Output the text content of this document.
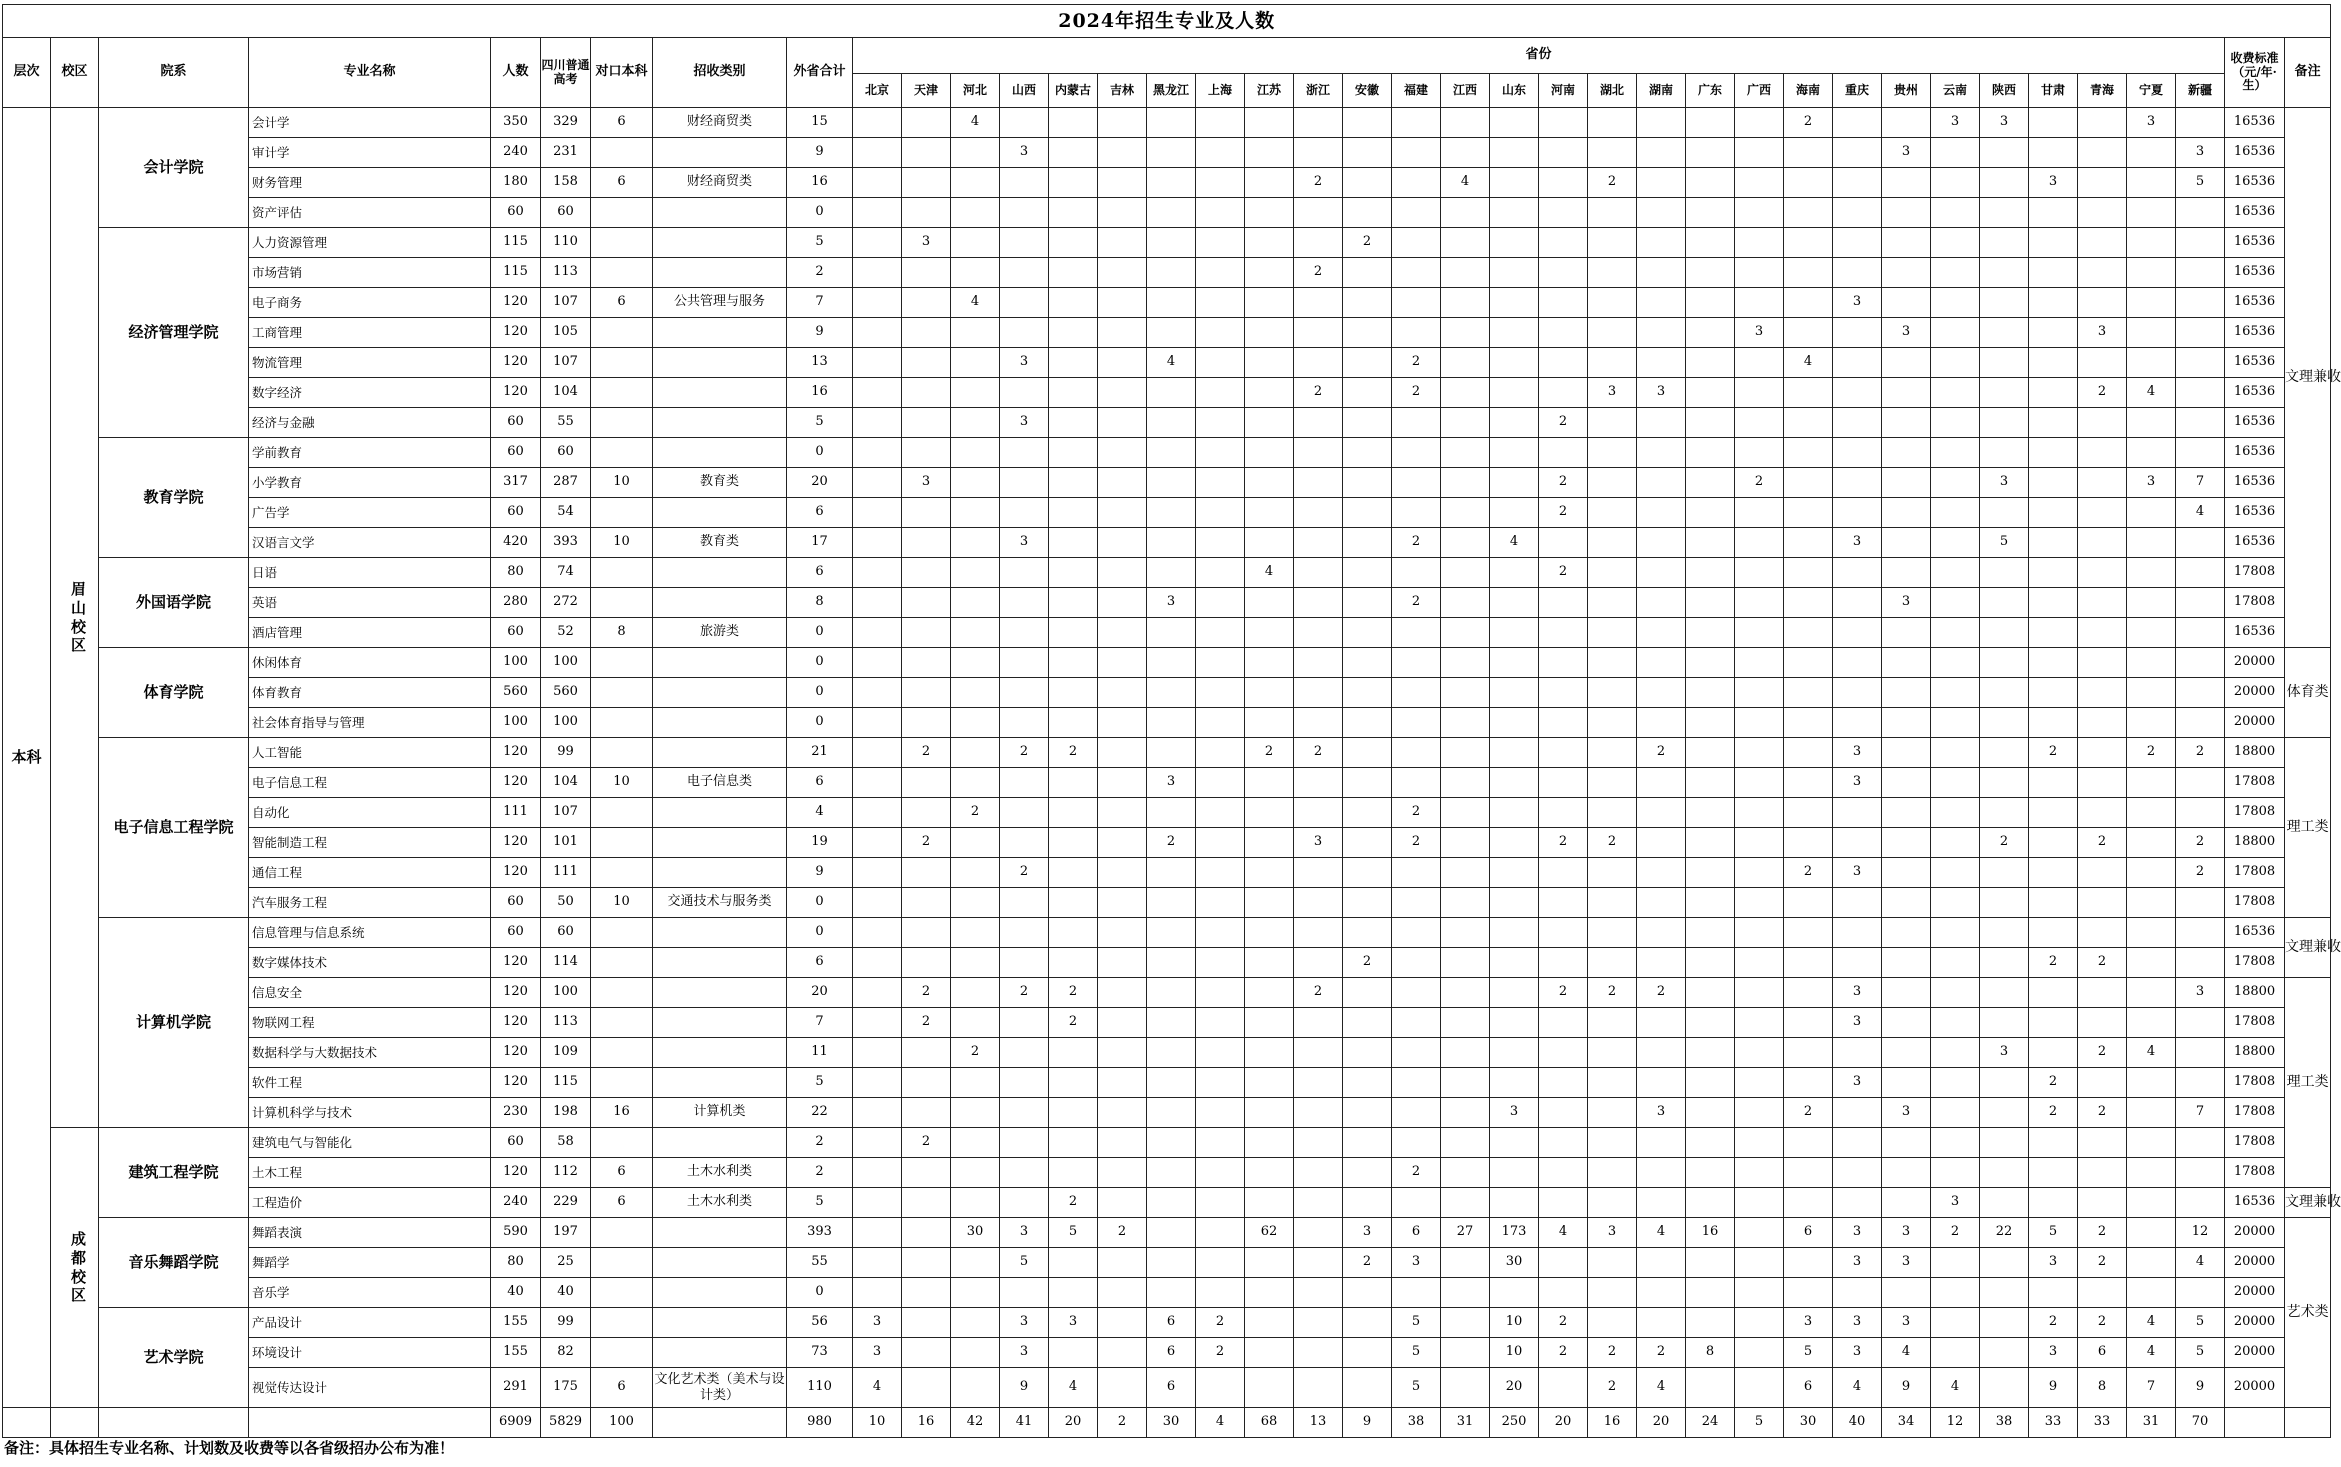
2024年招生专业及人数																																						
层次	校区	院系	专业名称	人数	四川普通高考	对口本科	招收类别	外省合计	省份																												收费标准（元/年·生）	备注
									北京	天津	河北	山西	内蒙古	吉林	黑龙江	上海	江苏	浙江	安徽	福建	江西	山东	河南	湖北	湖南	广东	广西	海南	重庆	贵州	云南	陕西	甘肃	青海	宁夏	新疆		
本科	眉山校区	会计学院	会计学	350	329	6	财经商贸类	15			4																	2			3	3			3		16536	文理兼收
			审计学	240	231			9				3																		3						3	16536	
			财务管理	180	158	6	财经商贸类	16										2			4			2									3			5	16536	
			资产评估	60	60			0																													16536	
		经济管理学院	人力资源管理	115	110			5		3									2																		16536	
			市场营销	115	113			2										2																			16536	
			电子商务	120	107	6	公共管理与服务	7			4																		3								16536	
			工商管理	120	105			9																			3			3				3			16536	
			物流管理	120	107			13				3			4					2								4									16536	
			数字经济	120	104			16										2		2				3	3									2	4		16536	
			经济与金融	60	55			5				3											2														16536	
		教育学院	学前教育	60	60			0																													16536	
			小学教育	317	287	10	教育类	20		3													2				2					3			3	7	16536	
			广告学	60	54			6															2													4	16536	
			汉语言文学	420	393	10	教育类	17				3								2		4							3			5					16536	
		外国语学院	日语	80	74			6									4						2														17808	
			英语	280	272			8							3					2										3							17808	
			酒店管理	60	52	8	旅游类	0																													16536	
		体育学院	休闲体育	100	100			0																													20000	体育类
			体育教育	560	560			0																													20000	
			社会体育指导与管理	100	100			0																													20000	
		电子信息工程学院	人工智能	120	99			21		2		2	2				2	2							2				3				2		2	2	18800	理工类
			电子信息工程	120	104	10	电子信息类	6							3														3								17808	
			自动化	111	107			4			2									2																	17808	
			智能制造工程	120	101			19		2					2			3		2			2	2								2		2		2	18800	
			通信工程	120	111			9				2																2	3							2	17808	
			汽车服务工程	60	50	10	交通技术与服务类	0																													17808	
		计算机学院	信息管理与信息系统	60	60			0																													16536	文理兼收
			数字媒体技术	120	114			6											2														2	2			17808	
			信息安全	120	100			20		2		2	2					2					2	2	2				3							3	18800	理工类
			物联网工程	120	113			7		2			2																3								17808	
			数据科学与大数据技术	120	109			11			2																					3		2	4		18800	
			软件工程	120	115			5																					3				2				17808	
			计算机科学与技术	230	198	16	计算机类	22														3			3			2		3			2	2		7	17808	
	成都校区	建筑工程学院	建筑电气与智能化	60	58			2		2																											17808	
			土木工程	120	112	6	土木水利类	2												2																	17808	
			工程造价	240	229	6	土木水利类	5					2																		3						16536	文理兼收
		音乐舞蹈学院	舞蹈表演	590	197			393			30	3	5	2			62		3	6	27	173	4	3	4	16		6	3	3	2	22	5	2		12	20000	艺术类
			舞蹈学	80	25			55				5							2	3		30							3	3			3	2		4	20000	
			音乐学	40	40			0																													20000	
		艺术学院	产品设计	155	99			56	3			3	3		6	2				5		10	2					3	3	3			2	2	4	5	20000	
			环境设计	155	82			73	3			3			6	2				5		10	2	2	2	8		5	3	4			3	6	4	5	20000	
			视觉传达设计	291	175	6	文化艺术类（美术与设计类）	110	4			9	4		6					5		20		2	4			6	4	9	4		9	8	7	9	20000	
				6909	5829	100		980	10	16	42	41	20	2	30	4	68	13	9	38	31	250	20	16	20	24	5	30	40	34	12	38	33	33	31	70		
备注：具体招生专业名称、计划数及收费等以各省级招办公布为准！
